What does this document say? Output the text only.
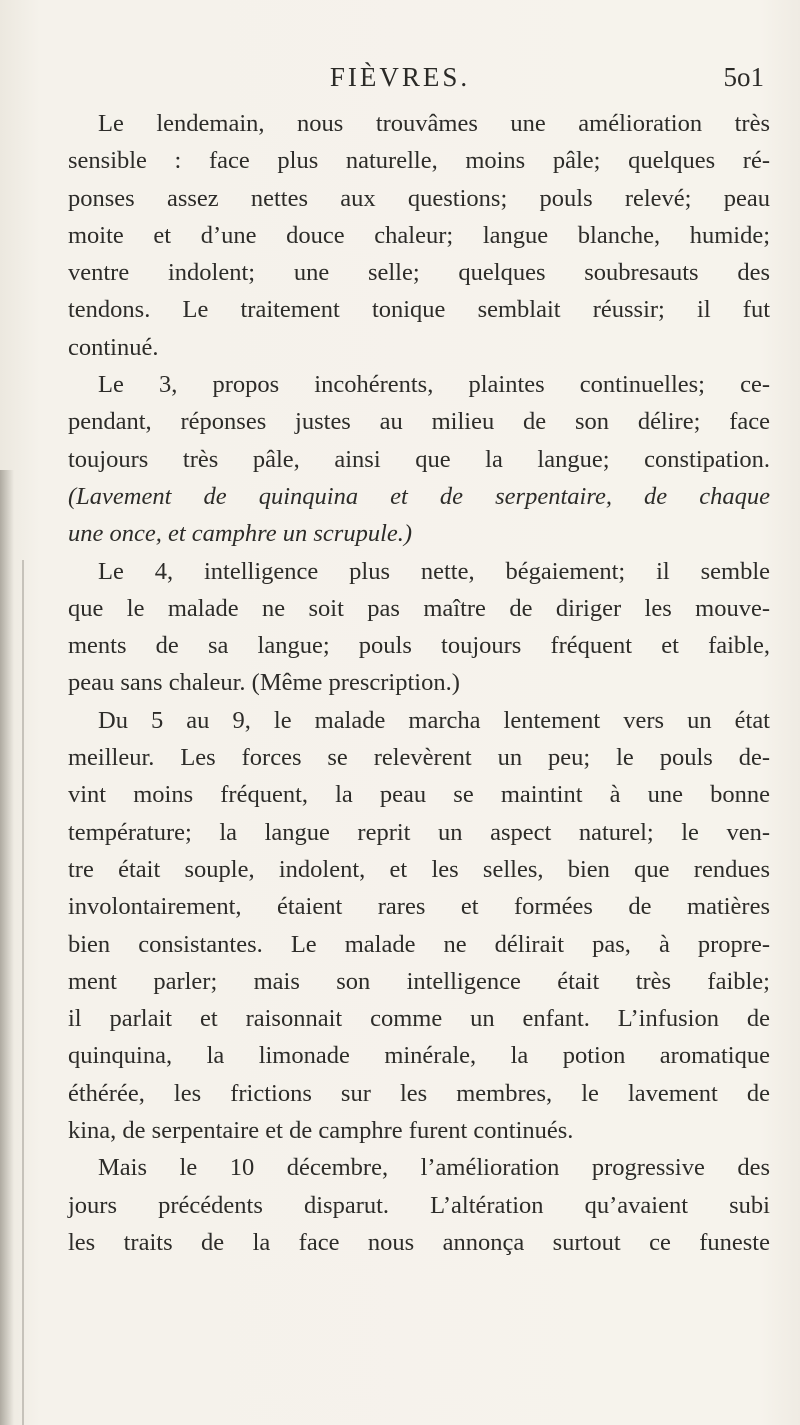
FIÈVRES.	5o1
Le lendemain, nous trouvâmes une amélioration très
sensible : face plus naturelle, moins pâle; quelques ré-
ponses assez nettes aux questions; pouls relevé; peau
moite et d’une douce chaleur; langue blanche, humide;
ventre indolent; une selle; quelques soubresauts des
tendons. Le traitement tonique semblait réussir; il fut
continué.
Le 3, propos incohérents, plaintes continuelles; ce-
pendant, réponses justes au milieu de son délire; face
toujours très pâle, ainsi que la langue; constipation.
(Lavement de quinquina et de serpentaire, de chaque
une once, et camphre un scrupule.)
Le 4, intelligence plus nette, bégaiement; il semble
que le malade ne soit pas maître de diriger les mouve-
ments de sa langue; pouls toujours fréquent et faible,
peau sans chaleur. (Même prescription.)
Du 5 au 9, le malade marcha lentement vers un état
meilleur. Les forces se relevèrent un peu; le pouls de-
vint moins fréquent, la peau se maintint à une bonne
température; la langue reprit un aspect naturel; le ven-
tre était souple, indolent, et les selles, bien que rendues
involontairement, étaient rares et formées de matières
bien consistantes. Le malade ne délirait pas, à propre-
ment parler; mais son intelligence était très faible;
il parlait et raisonnait comme un enfant. L’infusion de
quinquina, la limonade minérale, la potion aromatique
éthérée, les frictions sur les membres, le lavement de
kina, de serpentaire et de camphre furent continués.
Mais le 10 décembre, l’amélioration progressive des
jours précédents disparut. L’altération qu’avaient subi
les traits de la face nous annonça surtout ce funeste
